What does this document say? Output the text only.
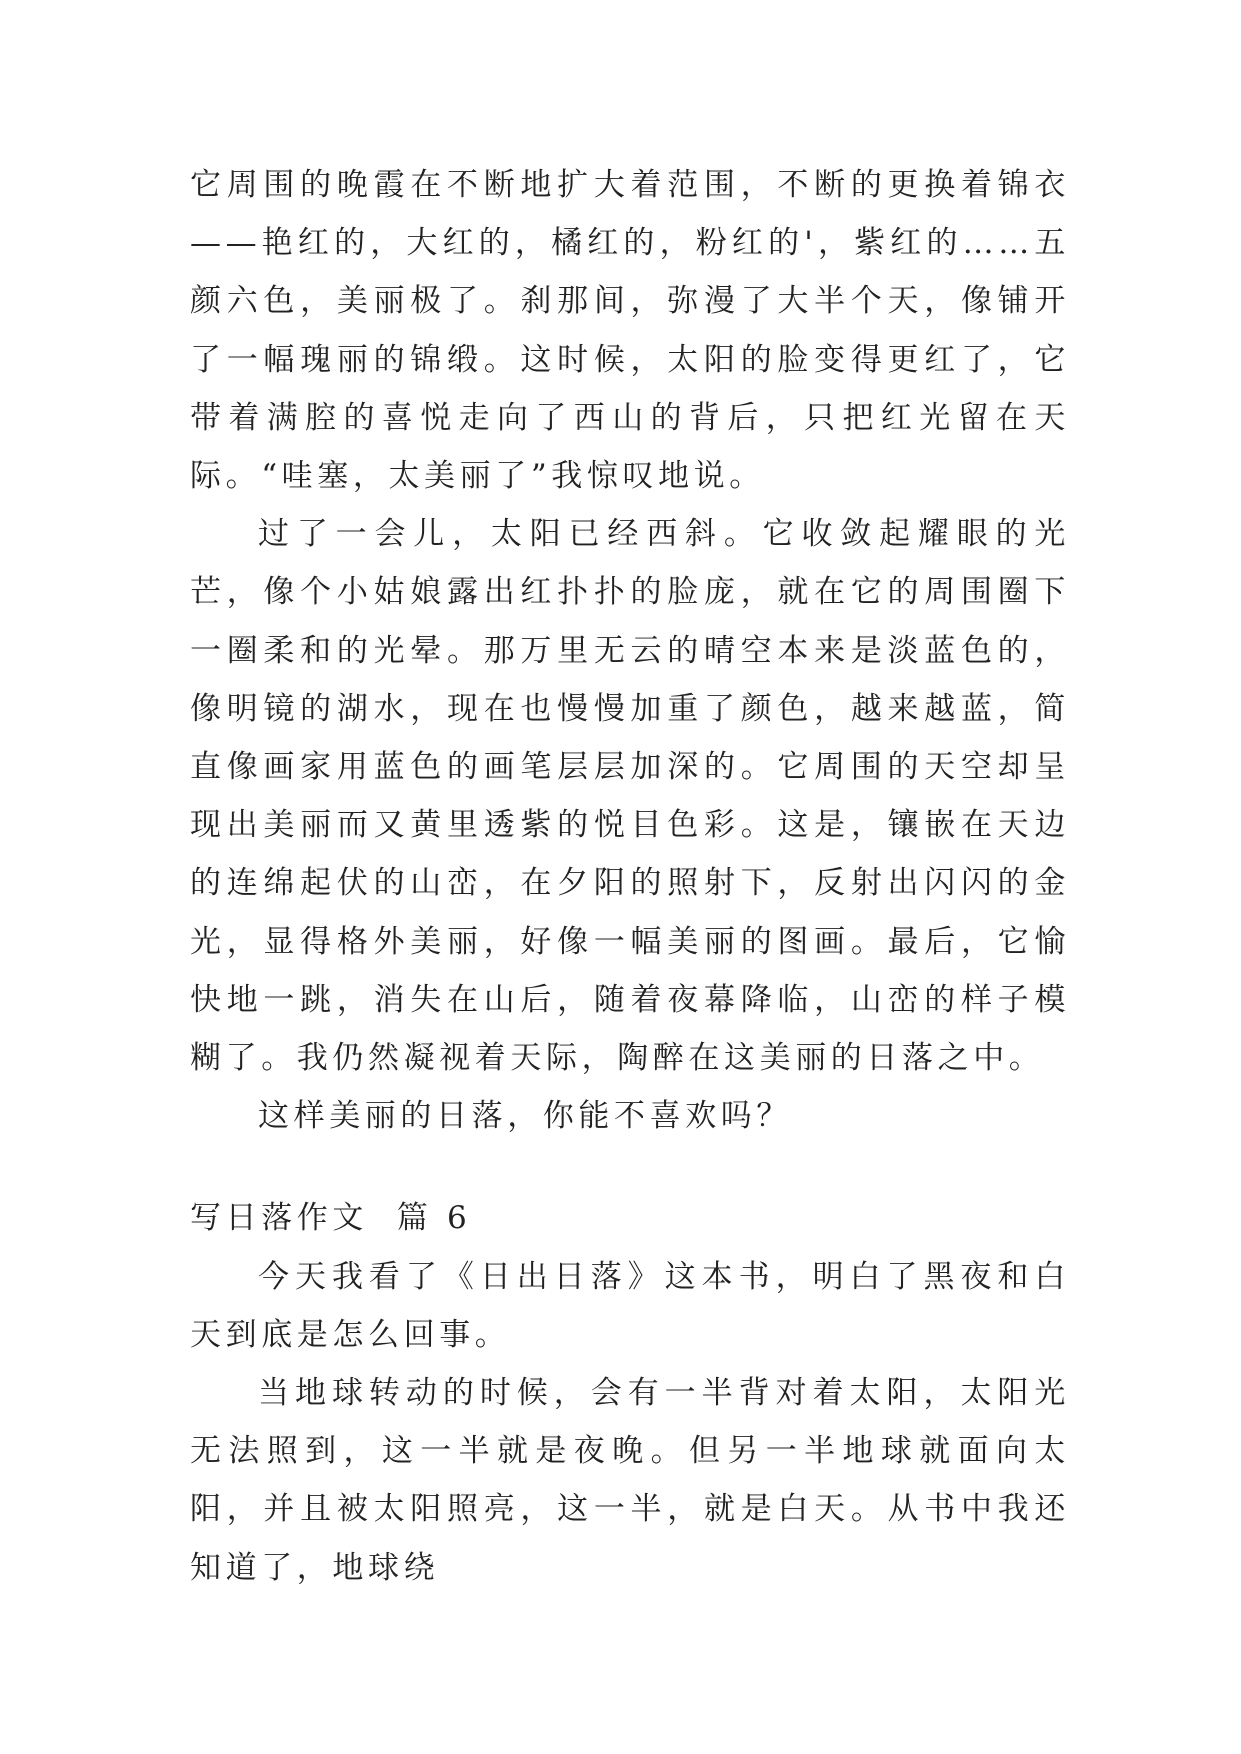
它周围的晚霞在不断地扩大着范围，不断的更换着锦衣——艳红的，大红的，橘红的，粉红的'，紫红的……五颜六色，美丽极了。刹那间，弥漫了大半个天，像铺开了一幅瑰丽的锦缎。这时候，太阳的脸变得更红了，它带着满腔的喜悦走向了西山的背后，只把红光留在天际。“哇塞，太美丽了”我惊叹地说。

过了一会儿，太阳已经西斜。它收敛起耀眼的光芒，像个小姑娘露出红扑扑的脸庞，就在它的周围圈下一圈柔和的光晕。那万里无云的晴空本来是淡蓝色的，像明镜的湖水，现在也慢慢加重了颜色，越来越蓝，简直像画家用蓝色的画笔层层加深的。它周围的天空却呈现出美丽而又黄里透紫的悦目色彩。这是，镶嵌在天边的连绵起伏的山峦，在夕阳的照射下，反射出闪闪的金光，显得格外美丽，好像一幅美丽的图画。最后，它愉快地一跳，消失在山后，随着夜幕降临，山峦的样子模糊了。我仍然凝视着天际，陶醉在这美丽的日落之中。

这样美丽的日落，你能不喜欢吗？

写日落作文  篇 6

今天我看了《日出日落》这本书，明白了黑夜和白天到底是怎么回事。

当地球转动的时候，会有一半背对着太阳，太阳光无法照到，这一半就是夜晚。但另一半地球就面向太阳，并且被太阳照亮，这一半，就是白天。从书中我还知道了，地球绕
